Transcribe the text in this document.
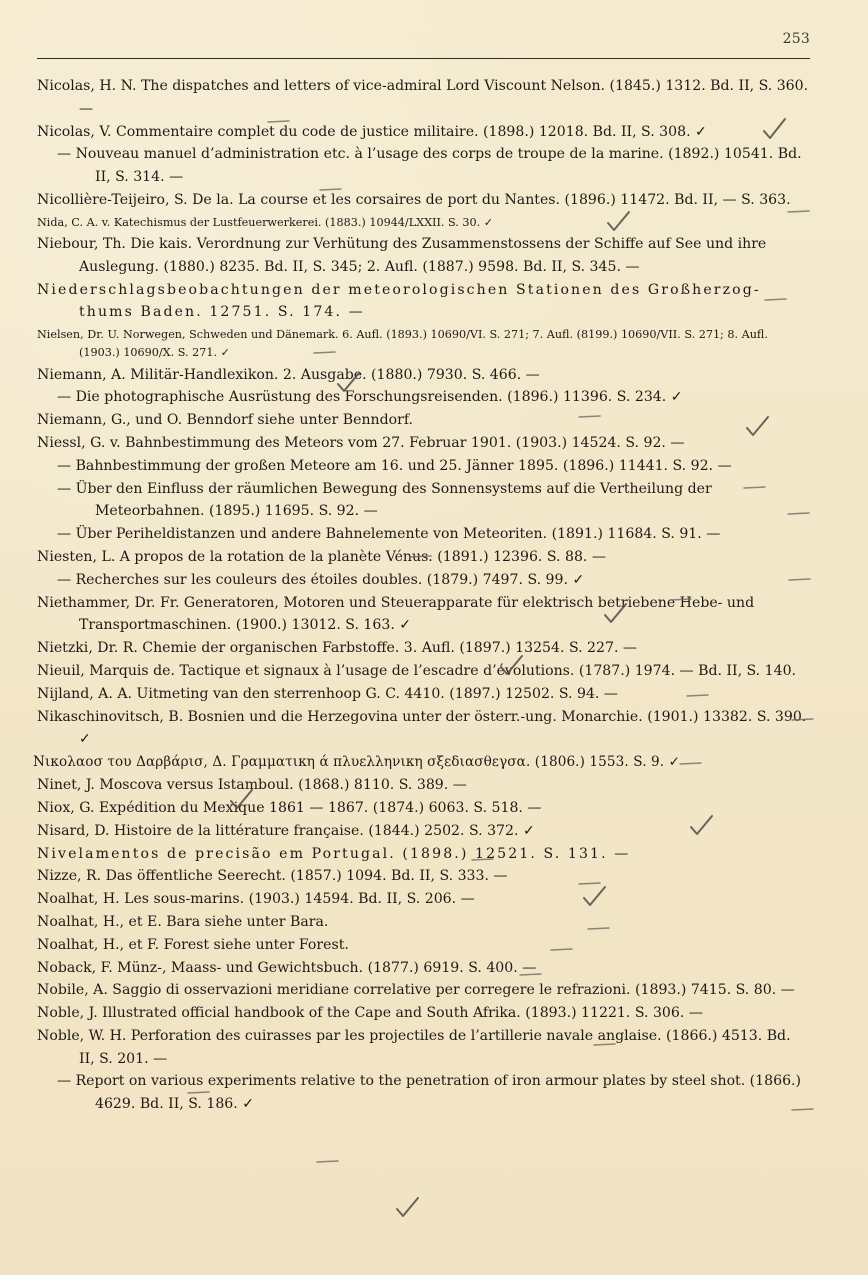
253
Nicolas, H. N. The dispatches and letters of vice-admiral Lord Viscount Nelson. (1845.) 1312. Bd. II, S. 360. —
Nicolas, V. Commentaire complet du code de justice militaire. (1898.) 12018. Bd. II, S. 308. ✓
— Nouveau manuel d’administration etc. à l’usage des corps de troupe de la marine. (1892.) 10541. Bd. II, S. 314. —
Nicollière-Teijeiro, S. De la. La course et les corsaires de port du Nantes. (1896.) 11472. Bd. II, — S. 363.
Nida, C. A. v. Katechismus der Lustfeuerwerkerei. (1883.) 10944/LXXII. S. 30. ✓
Niebour, Th. Die kais. Verordnung zur Verhütung des Zusammenstossens der Schiffe auf See und ihre Auslegung. (1880.) 8235. Bd. II, S. 345; 2. Aufl. (1887.) 9598. Bd. II, S. 345. —
Niederschlagsbeobachtungen der meteorologischen Stationen des Großherzog- thums Baden. 12751. S. 174. —
Nielsen, Dr. U. Norwegen, Schweden und Dänemark. 6. Aufl. (1893.) 10690/VI. S. 271; 7. Aufl. (8199.) 10690/VII. S. 271; 8. Aufl. (1903.) 10690/X. S. 271. ✓
Niemann, A. Militär-Handlexikon. 2. Ausgabe. (1880.) 7930. S. 466. —
— Die photographische Ausrüstung des Forschungsreisenden. (1896.) 11396. S. 234. ✓
Niemann, G., und O. Benndorf siehe unter Benndorf.
Niessl, G. v. Bahnbestimmung des Meteors vom 27. Februar 1901. (1903.) 14524. S. 92. —
— Bahnbestimmung der großen Meteore am 16. und 25. Jänner 1895. (1896.) 11441. S. 92. —
— Über den Einfluss der räumlichen Bewegung des Sonnensystems auf die Vertheilung der Meteorbahnen. (1895.) 11695. S. 92. —
— Über Periheldistanzen und andere Bahnelemente von Meteoriten. (1891.) 11684. S. 91. —
Niesten, L. A propos de la rotation de la planète Vénus. (1891.) 12396. S. 88. —
— Recherches sur les couleurs des étoiles doubles. (1879.) 7497. S. 99. ✓
Niethammer, Dr. Fr. Generatoren, Motoren und Steuerapparate für elektrisch betriebene Hebe- und Transportmaschinen. (1900.) 13012. S. 163. ✓
Nietzki, Dr. R. Chemie der organischen Farbstoffe. 3. Aufl. (1897.) 13254. S. 227. —
Nieuil, Marquis de. Tactique et signaux à l’usage de l’escadre d’évolutions. (1787.) 1974. — Bd. II, S. 140.
Nijland, A. A. Uitmeting van den sterrenhoop G. C. 4410. (1897.) 12502. S. 94. —
Nikaschinovitsch, B. Bosnien und die Herzegovina unter der österr.-ung. Monarchie. (1901.) 13382. S. 390. ✓
Νικολαοσ του Δαρβάρισ, Δ. Γραμματικη ά πλυελληνικη σξεδιασθεγσα. (1806.) 1553. S. 9. ✓
Ninet, J. Moscova versus Istamboul. (1868.) 8110. S. 389. —
Niox, G. Expédition du Mexique 1861 — 1867. (1874.) 6063. S. 518. —
Nisard, D. Histoire de la littérature française. (1844.) 2502. S. 372. ✓
Nivelamentos de precisão em Portugal. (1898.) 12521. S. 131. —
Nizze, R. Das öffentliche Seerecht. (1857.) 1094. Bd. II, S. 333. —
Noalhat, H. Les sous-marins. (1903.) 14594. Bd. II, S. 206. —
Noalhat, H., et E. Bara siehe unter Bara.
Noalhat, H., et F. Forest siehe unter Forest.
Noback, F. Münz-, Maass- und Gewichtsbuch. (1877.) 6919. S. 400. —
Nobile, A. Saggio di osservazioni meridiane correlative per corregere le refrazioni. (1893.) 7415. S. 80. —
Noble, J. Illustrated official handbook of the Cape and South Afrika. (1893.) 11221. S. 306. —
Noble, W. H. Perforation des cuirasses par les projectiles de l’artillerie navale anglaise. (1866.) 4513. Bd. II, S. 201. —
— Report on various experiments relative to the penetration of iron armour plates by steel shot. (1866.) 4629. Bd. II, S. 186. ✓
